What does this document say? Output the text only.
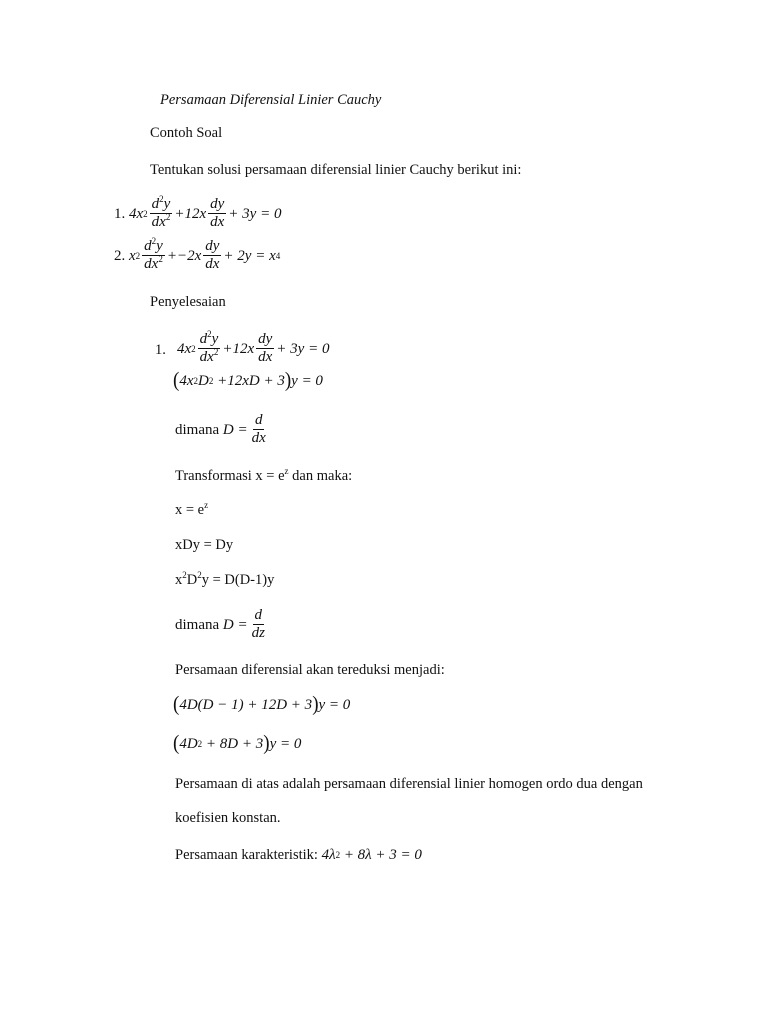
Persamaan Diferensial Linier Cauchy
Contoh Soal
Tentukan solusi persamaan diferensial linier Cauchy berikut ini:
1.
4x $2 \frac{d^2y}{dx^2} +12x \frac{dy}{dx} + 3y = 0$
2.
x $2 \frac{d^2y}{dx^2} +-2x \frac{dy}{dx} + 2y = x$ 4
Penyelesaian
1. 4x $2 \frac{d^2y}{dx^2} +12x \frac{dy}{dx} + 3y = 0$
( 4x 2 D 2
+12xD + 3 ) y = 0
dimana
$D = \frac{d}{dx}$
Transformasi $x = e^z$ dan maka:
$x = e^z$
xDy = Dy
$x^2D^2y = D(D-1)y$
dimana
$D = \frac{d}{dz}$
Persamaan diferensial akan tereduksi menjadi:
( 4D(D − 1) + 12D + 3 ) y = 0
( 4D 2
+ 8D + 3 ) y = 0
Persamaan di atas adalah persamaan diferensial linier homogen ordo dua dengan
koefisien konstan.
Persamaan karakteristik: 4λ 2
+ 8λ + 3 = 0
